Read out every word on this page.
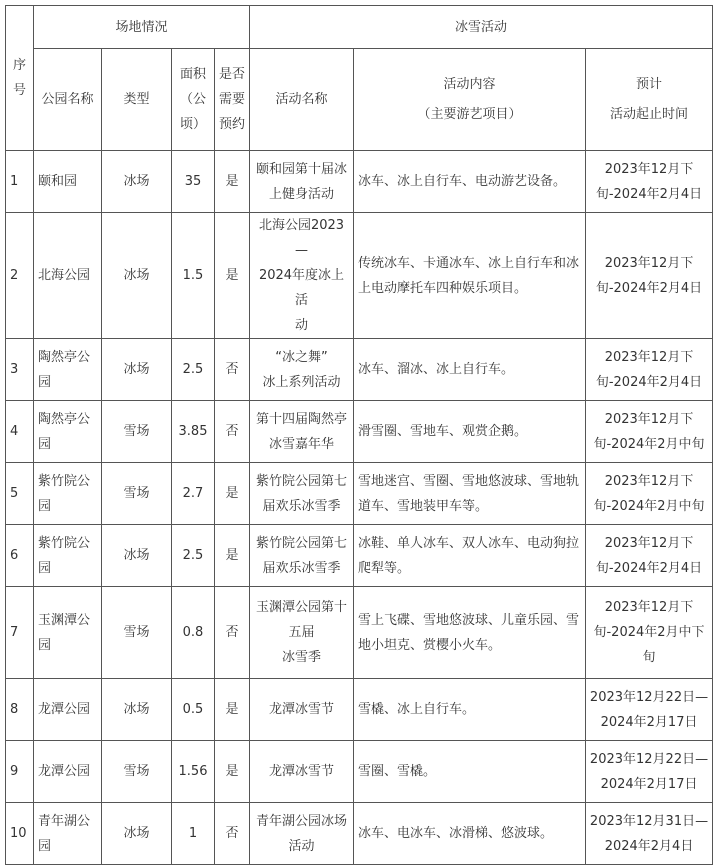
序号	场地情况				冰雪活动		
	公园名称	类型	面积
（公
顷）	是否
需要
预约	活动名称	活动内容
（主要游艺项目）	预计
活动起止时间

1	颐和园	冰场	35	是	颐和园第十届冰
上健身活动	冰车、冰上自行车、电动游艺设备。	2023年12月下
旬-2024年2月4日

2	北海公园	冰场	1.5	是	北海公园2023—
2024年度冰上活
动	传统冰车、卡通冰车、冰上自行车和冰
上电动摩托车四种娱乐项目。	2023年12月下
旬-2024年2月4日

3	陶然亭公
园	冰场	2.5	否	“冰之舞”
冰上系列活动	冰车、溜冰、冰上自行车。	2023年12月下
旬-2024年2月4日

4	陶然亭公
园	雪场	3.85	否	第十四届陶然亭
冰雪嘉年华	滑雪圈、雪地车、观赏企鹅。	2023年12月下
旬-2024年2月中旬

5	紫竹院公
园	雪场	2.7	是	紫竹院公园第七
届欢乐冰雪季	雪地迷宫、雪圈、雪地悠波球、雪地轨
道车、雪地装甲车等。	2023年12月下
旬-2024年2月中旬

6	紫竹院公
园	冰场	2.5	是	紫竹院公园第七
届欢乐冰雪季	冰鞋、单人冰车、双人冰车、电动狗拉
爬犁等。	2023年12月下
旬-2024年2月4日

7	玉渊潭公
园	雪场	0.8	否	玉渊潭公园第十
五届
冰雪季	雪上飞碟、雪地悠波球、儿童乐园、雪
地小坦克、赏樱小火车。	2023年12月下
旬-2024年2月中下旬

8	龙潭公园	冰场	0.5	是	龙潭冰雪节	雪橇、冰上自行车。	2023年12月22日—
2024年2月17日

9	龙潭公园	雪场	1.56	是	龙潭冰雪节	雪圈、雪橇。	2023年12月22日—
2024年2月17日

10	青年湖公
园	冰场	1	否	青年湖公园冰场
活动	冰车、电冰车、冰滑梯、悠波球。	2023年12月31日—
2024年2月4日
